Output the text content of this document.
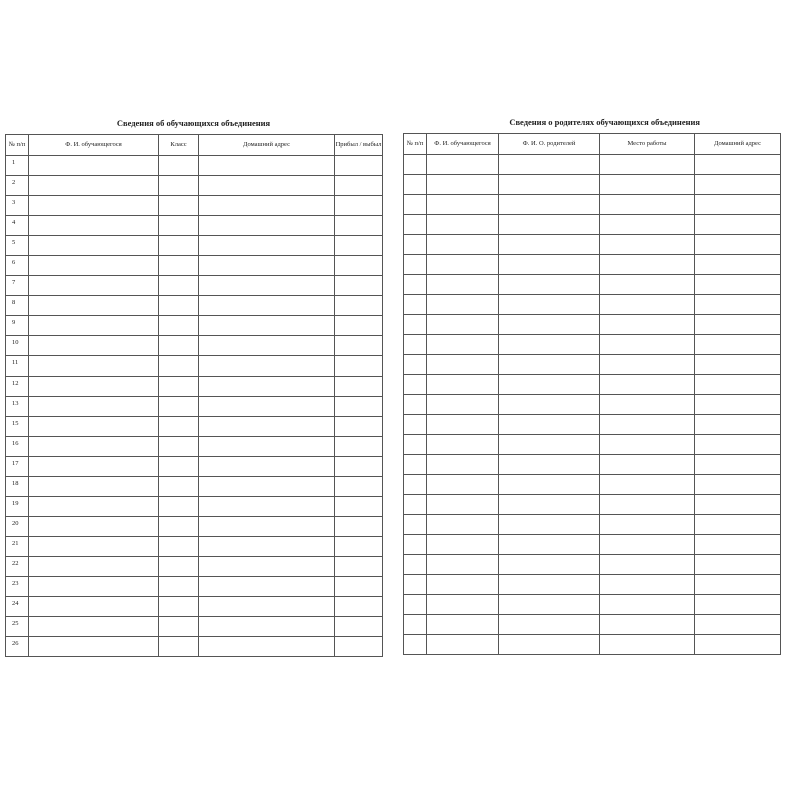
Сведения об обучающихся объединения
№ п/п	Ф. И. обучающегося	Класс	Домашний адрес	Прибыл / выбыл
1				
2				
3				
4				
5				
6				
7				
8				
9				
10				
11				
12				
13				
15				
16				
17				
18				
19				
20				
21				
22				
23				
24				
25				
26				
Сведения о родителях обучающихся объединения
№ п/п	Ф. И. обучающегося	Ф. И. О. родителей	Место работы	Домашний адрес
